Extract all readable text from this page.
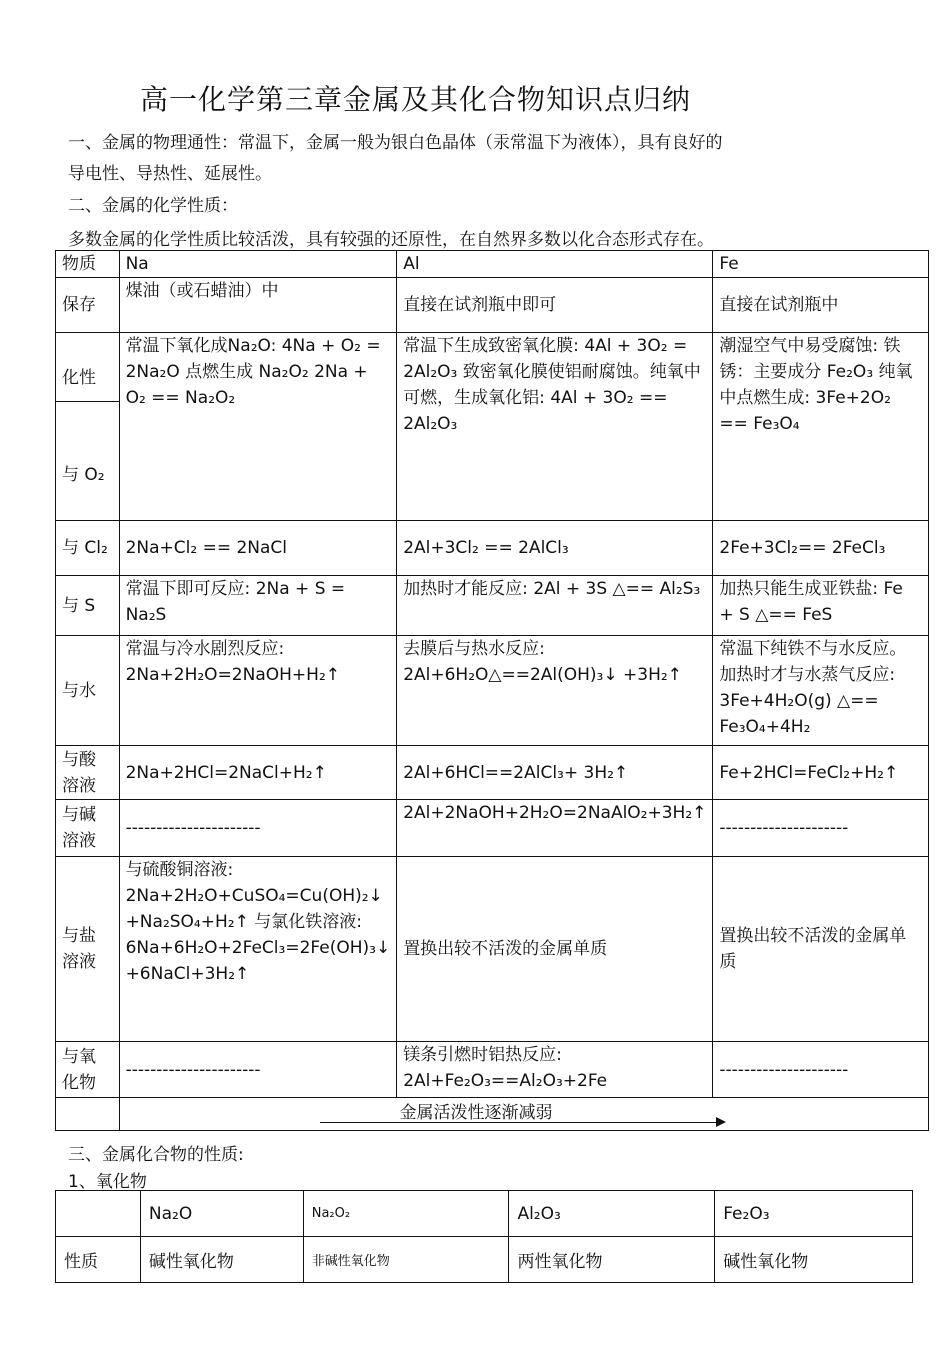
高一化学第三章金属及其化合物知识点归纳
一、金属的物理通性：常温下，金属一般为银白色晶体（汞常温下为液体），具有良好的
导电性、导热性、延展性。
二、金属的化学性质：
多数金属的化学性质比较活泼，具有较强的还原性，在自然界多数以化合态形式存在。
物质	Na	Al	Fe
保存	煤油（或石蜡油）中	直接在试剂瓶中即可	直接在试剂瓶中

化性
与 O₂	常温下氧化成Na₂O: 4Na + O₂ = 2Na₂O 点燃生成 Na₂O₂ 2Na + O₂ == Na₂O₂	常温下生成致密氧化膜: 4Al + 3O₂ = 2Al₂O₃ 致密氧化膜使铝耐腐蚀。纯氧中可燃，生成氧化铝: 4Al + 3O₂ == 2Al₂O₃	潮湿空气中易受腐蚀: 铁锈：主要成分 Fe₂O₃ 纯氧中点燃生成: 3Fe+2O₂ == Fe₃O₄
与 Cl₂	2Na+Cl₂ == 2NaCl	2Al+3Cl₂ == 2AlCl₃	2Fe+3Cl₂== 2FeCl₃
与 S	常温下即可反应: 2Na + S = Na₂S	加热时才能反应: 2Al + 3S △== Al₂S₃	加热只能生成亚铁盐: Fe + S △== FeS
与水	常温与冷水剧烈反应: 2Na+2H₂O=2NaOH+H₂↑	去膜后与热水反应: 2Al+6H₂O△==2Al(OH)₃↓ +3H₂↑	常温下纯铁不与水反应。加热时才与水蒸气反应: 3Fe+4H₂O(g) △== Fe₃O₄+4H₂
与酸溶液	2Na+2HCl=2NaCl+H₂↑	2Al+6HCl==2AlCl₃+ 3H₂↑	Fe+2HCl=FeCl₂+H₂↑
与碱溶液	----------------------	2Al+2NaOH+2H₂O=2NaAlO₂+3H₂↑	---------------------
与盐溶液	与硫酸铜溶液: 2Na+2H₂O+CuSO₄=Cu(OH)₂↓ +Na₂SO₄+H₂↑ 与氯化铁溶液: 6Na+6H₂O+2FeCl₃=2Fe(OH)₃↓ +6NaCl+3H₂↑	置换出较不活泼的金属单质	置换出较不活泼的金属单质
与氧化物	----------------------	镁条引燃时铝热反应: 2Al+Fe₂O₃==Al₂O₃+2Fe	---------------------

	金属活泼性逐渐减弱		
三、金属化合物的性质:
1、氧化物
	Na₂O	Na₂O₂	Al₂O₃	Fe₂O₃
性质	碱性氧化物	非碱性氧化物	两性氧化物	碱性氧化物
